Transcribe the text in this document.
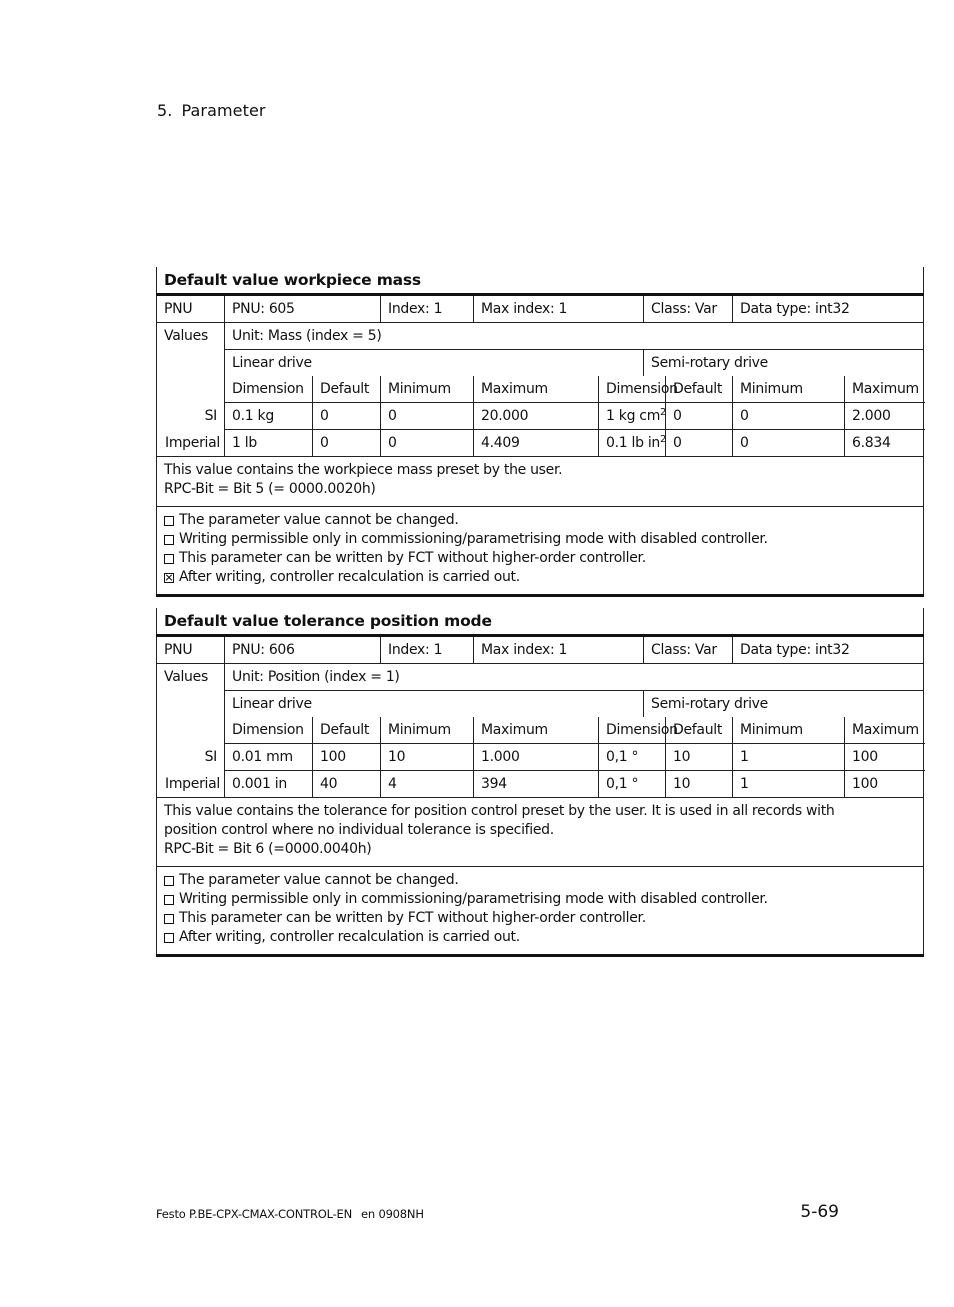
5. Parameter
Default value workpiece mass									
PNU	PNU: 605		Index: 1	Max index: 1		Class: Var		Data type: int32	
Values	Unit: Mass (index = 5)								
	Linear drive					Semi-rotary drive			
	Dimension	Default	Minimum	Maximum	Dimension		Default	Minimum	Maximum
SI	0.1 kg	0	0	20.000	1 kg $cm^2$		0	0	2.000
Imperial	1 lb	0	0	4.409	0.1 lb $in^2$		0	0	6.834

This value contains the workpiece mass preset by the user.
RPC-Bit = Bit 5 (= 0000.0020h)									

The parameter value cannot be changed.
Writing permissible only in commissioning/parametrising mode with disabled controller.
This parameter can be written by FCT without higher-order controller.
After writing, controller recalculation is carried out.									
Default value tolerance position mode									
PNU	PNU: 606		Index: 1	Max index: 1		Class: Var		Data type: int32	
Values	Unit: Position (index = 1)								
	Linear drive					Semi-rotary drive			
	Dimension	Default	Minimum	Maximum	Dimension		Default	Minimum	Maximum
SI	0.01 mm	100	10	1.000	0,1 °		10	1	100
Imperial	0.001 in	40	4	394	0,1 °		10	1	100

This value contains the tolerance for position control preset by the user. It is used in all records with
position control where no individual tolerance is specified.
RPC-Bit = Bit 6 (=0000.0040h)									

The parameter value cannot be changed.
Writing permissible only in commissioning/parametrising mode with disabled controller.
This parameter can be written by FCT without higher-order controller.
After writing, controller recalculation is carried out.									
Festo P.BE-CPX-CMAX-CONTROL-EN en 0908NH	5-69
